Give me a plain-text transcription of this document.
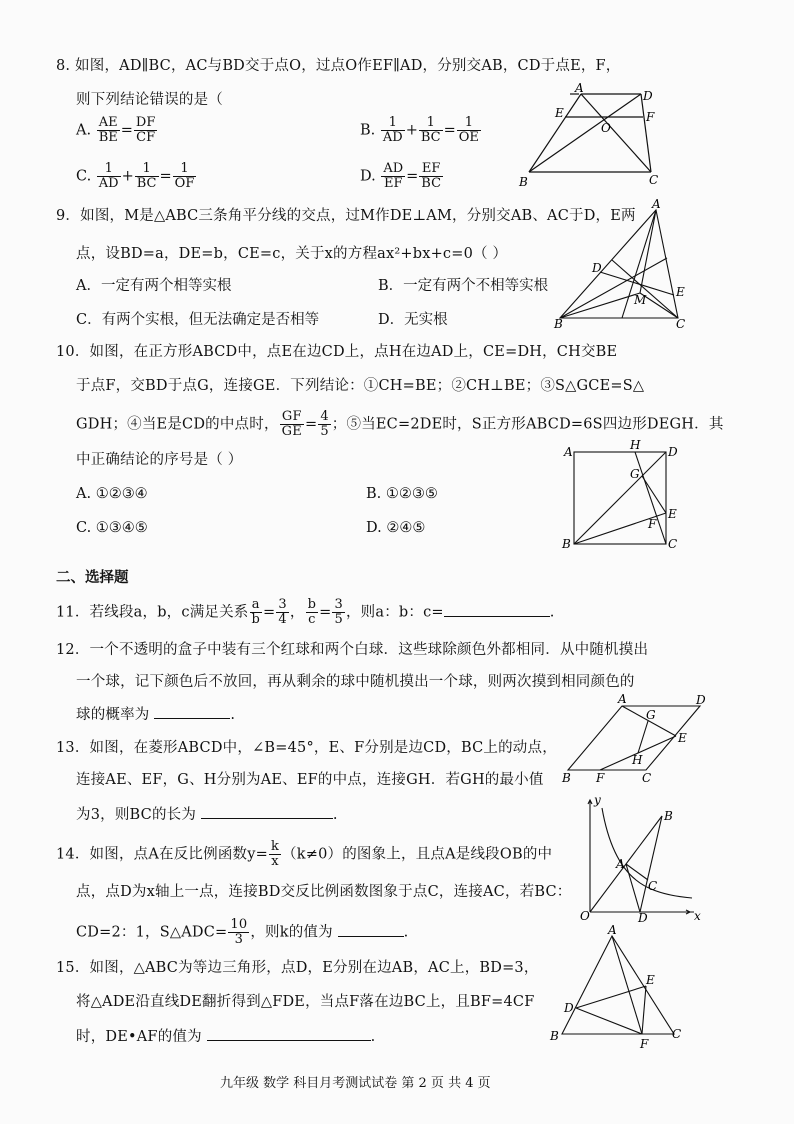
8. 如图，AD∥BC，AC与BD交于点O，过点O作EF∥AD，分别交AB，CD于点E，F，
则下列结论错误的是（
A. $\frac{AE}{BE} = \frac{DF}{CF}$	B. $\frac{1}{AD} + \frac{1}{BC} = \frac{1}{OE}$
C. $\frac{1}{AD} + \frac{1}{BC} = \frac{1}{OF}$	D. $\frac{AD}{EF} = \frac{EF}{BC}$
A
D
E
O
F
B	C
9．如图，M是△ABC三条角平分线的交点，过M作DE⊥AM，分别交AB、AC于D，E两
点，设BD=a，DE=b，CE=c，关于x的方程ax²+bx+c=0（ ）
A．一定有两个相等实根	B．一定有两个不相等实根
C．有两个实根，但无法确定是否相等	D．无实根
A
D
M
E
B	C
10．如图，在正方形ABCD中，点E在边CD上，点H在边AD上，CE=DH，CH交BE
于点F，交BD于点G，连接GE．下列结论：①CH=BE；②CH⊥BE；③S△GCE=S△
GDH；④当E是CD的中点时， $\frac{GF}{GE} = \frac{4}{5}$ ；⑤当EC=2DE时，S正方形ABCD=6S四边形DEGH．其
中正确结论的序号是（ ）
A. ①②③④	B. ①②③⑤
C. ①③④⑤	D. ②④⑤
A	H D
G
E
F
B	C
二、选择题
11．若线段a，b，c满足关系 $\frac{a}{b} = \frac{3}{4}$ ， $\frac{b}{c} = \frac{3}{5}$ ，则a：b：c=	.
12．一个不透明的盒子中装有三个红球和两个白球．这些球除颜色外都相同．从中随机摸出
一个球，记下颜色后不放回，再从剩余的球中随机摸出一个球，则两次摸到相同颜色的
球的概率为	.
13．如图，在菱形ABCD中，∠B=45°，E、F分别是边CD，BC上的动点，
连接AE、EF，G、H分别为AE、EF的中点，连接GH．若GH的最小值
为3，则BC的长为	.
A	D
G
E
H
B F	C
14．如图，点A在反比例函数$y= \frac{k}{x} (k\ne 0)$的图象上，且点A是线段OB的中
点，点D为x轴上一点，连接BD交反比例函数图象于点C，连接AC，若BC：
CD=2：1，S△ADC= $\frac{10}{3}$ ，则k的值为	.
y
B
A
C
O	D	x
15．如图，△ABC为等边三角形，点D，E分别在边AB，AC上，BD=3，
将△ADE沿直线DE翻折得到△FDE，当点F落在边BC上，且BF=4CF
时，DE•AF的值为	.
A
E
D
B
F
C
九年级 数学 科目月考测试试卷 第 2 页 共 4 页
